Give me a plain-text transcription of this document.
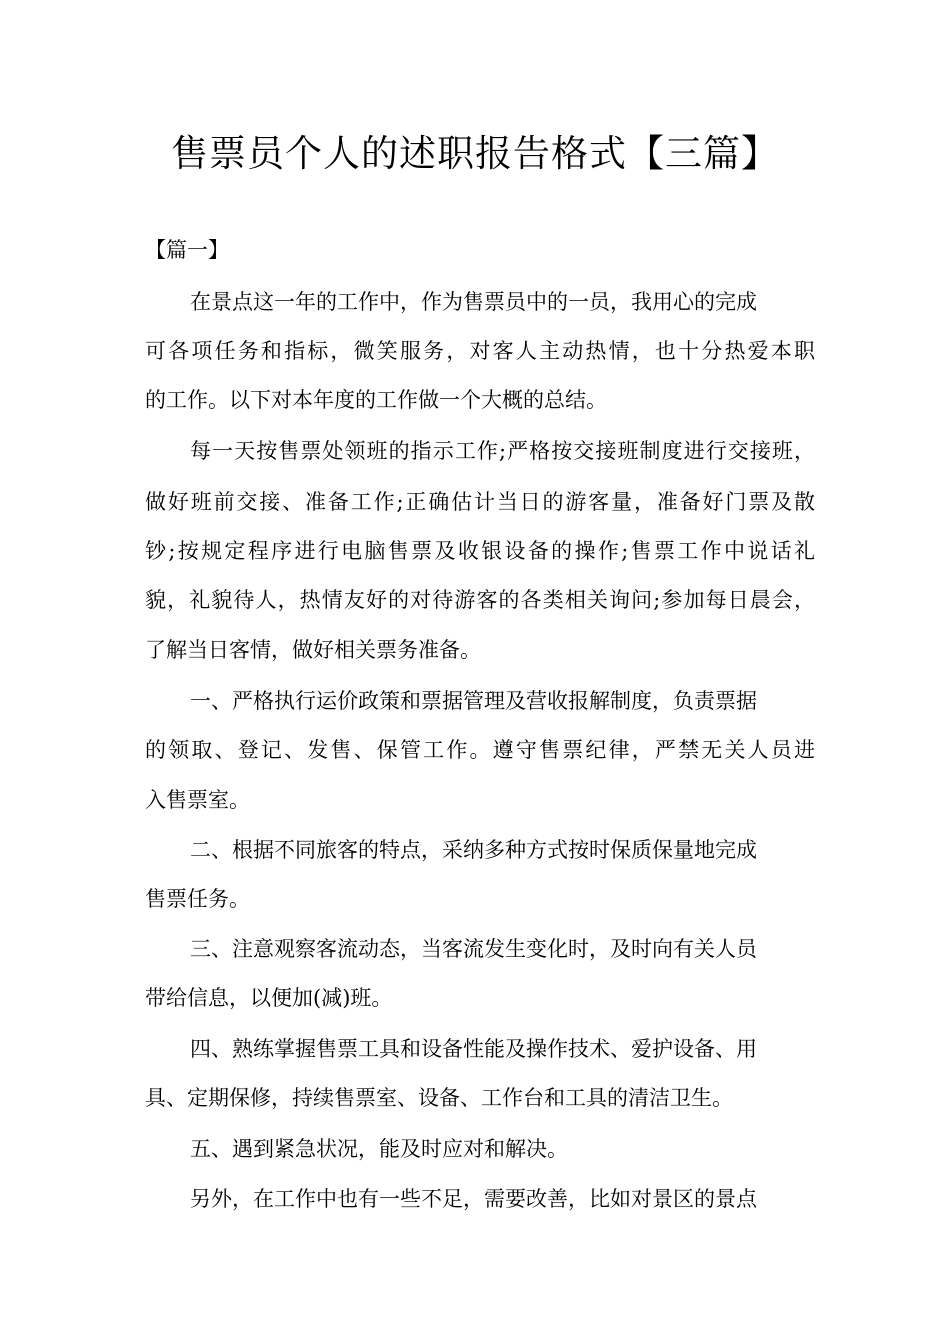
售票员个人的述职报告格式【三篇】
【篇一】
在景点这一年的工作中，作为售票员中的一员，我用心的完成
可各项任务和指标，微笑服务，对客人主动热情，也十分热爱本职
的工作。以下对本年度的工作做一个大概的总结。
每一天按售票处领班的指示工作;严格按交接班制度进行交接班，
做好班前交接、准备工作;正确估计当日的游客量，准备好门票及散
钞;按规定程序进行电脑售票及收银设备的操作;售票工作中说话礼
貌，礼貌待人，热情友好的对待游客的各类相关询问;参加每日晨会，
了解当日客情，做好相关票务准备。
一、严格执行运价政策和票据管理及营收报解制度，负责票据
的领取、登记、发售、保管工作。遵守售票纪律，严禁无关人员进
入售票室。
二、根据不同旅客的特点，采纳多种方式按时保质保量地完成
售票任务。
三、注意观察客流动态，当客流发生变化时，及时向有关人员
带给信息，以便加(减)班。
四、熟练掌握售票工具和设备性能及操作技术、爱护设备、用
具、定期保修，持续售票室、设备、工作台和工具的清洁卫生。
五、遇到紧急状况，能及时应对和解决。
另外，在工作中也有一些不足，需要改善，比如对景区的景点
